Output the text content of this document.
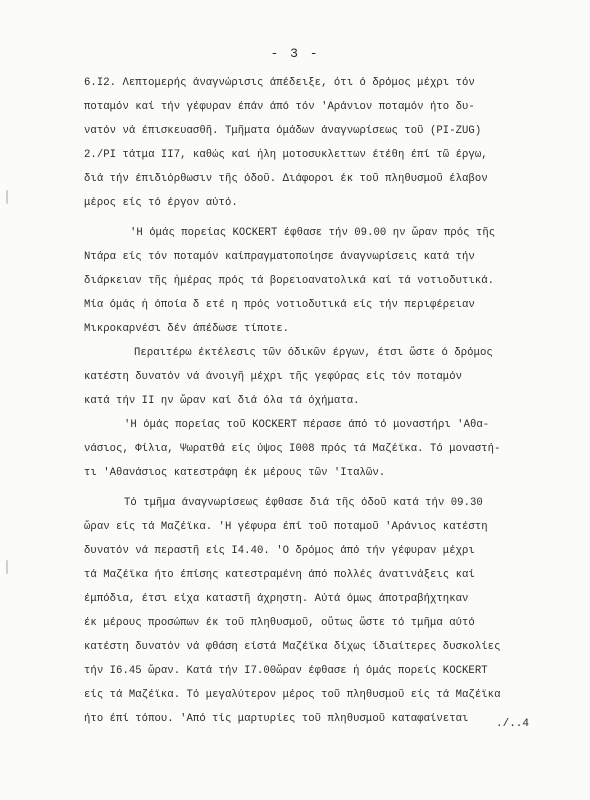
- 3 -
6.I2. Λεπτομερής άναγνώρισις άπέδειξε, ότι ό δρόμος μέχρι τόν
ποταμόν καί τήν γέφυραν έπάν άπό τόν 'Αράνιον ποταμόν ήτο δυ-
νατόν νά έπισκευασθῆ. Τμῆματα όμάδων άναγνωρίσεως τοῦ (PI-ZUG)
2./PI τάτμα II7, καθώς καί ἡλη μοτοσυκλεττων έτέθη έπί τῶ έργω,
διά τήν έπιδιόρθωσιν τῆς όδοῦ. Διάφοροι έκ τοῦ πληθυσμοῦ έλαβον
μέρος είς τό έργον αύτό.
'Η όμάς πορείας KOCKERT έφθασε τήν 09.00 ην ὥραν πρός τῆς
Ντάρα είς τόν ποταμόν καίπραγματοποίησε άναγνωρίσεις κατά τήν
διάρκειαν τῆς ἡμέρας πρός τά βορειοανατολικά καί τά νοτιοδυτικά.
Μία όμάς ἡ όποία δ ετέ η πρός νοτιοδυτικά είς τήν περιφέρειαν
Μικροκαρνέσι δέν άπέδωσε τίποτε.
Περαιτέρω έκτέλεσις τῶν όδικῶν έργων, έτσι ὥστε ό δρόμος
κατέστη δυνατόν νά άνοιγῆ μέχρι τῆς γεφύρας είς τόν ποταμόν
κατά τήν II ην ὥραν καί διά όλα τά όχήματα.
'Η όμάς πορείας τοῦ KOCKERT πέρασε άπό τό μοναστήρι 'Αθα-
νάσιος, Φίλια, Ψωρατθά είς ύψος I008 πρός τά Μαζέϊκα. Τό μοναστή-
τι 'Αθανάσιος κατεστράφη έκ μέρους τῶν 'Ιταλῶν.
Τό τμῆμα άναγνωρίσεως έφθασε διά τῆς όδοῦ κατά τήν 09.30
ὥραν είς τά Μαζέϊκα. 'Η γέφυρα έπί τοῦ ποταμοῦ 'Αράνιος κατέστη
δυνατόν νά περαστῆ είς I4.40. 'Ο δρόμος άπό τήν γέφυραν μέχρι
τά Μαζέϊκα ήτο έπίσης κατεστραμένη άπό πολλές άνατινάξεις καί
έμπόδια, έτσι είχα καταστῆ άχρηστη. Αύτά όμως άποτραβήχτηκαν
έκ μέρους προσώπων έκ τοῦ πληθυσμοῦ, οὕτως ὥστε τό τμῆμα αύτό
κατέστη δυνατόν νά φθάση είστά Μαζέϊκα δίχως ίδιαίτερες δυσκολίες
τήν I6.45 ὥραν. Κατά τήν I7.00ὥραν έφθασε ἡ όμάς πορείς KOCKERT
είς τά Μαζέϊκα. Τό μεγαλύτερον μέρος τοῦ πληθυσμοῦ είς τά Μαζέϊκα
ήτο έπί τόπου. 'Από τίς μαρτυρίες τοῦ πληθυσμοῦ καταφαίνεται	./..4
